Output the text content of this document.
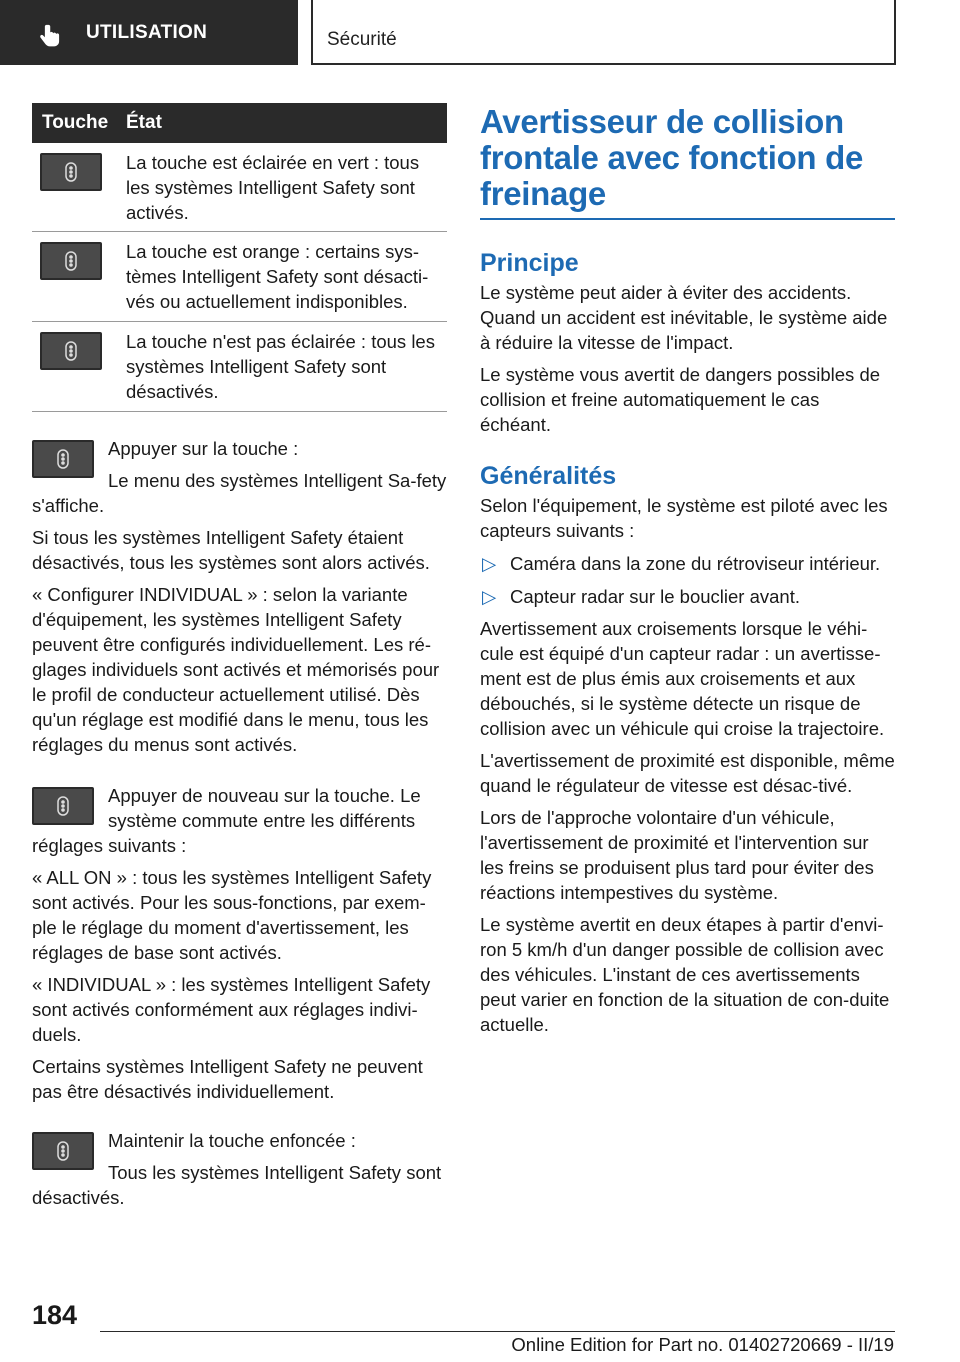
UTILISATION	Sécurité
Touche État
La touche est éclairée en vert : tous les systèmes Intelligent Safety sont activés.
La touche est orange : certains sys-tèmes Intelligent Safety sont désacti-vés ou actuellement indisponibles.
La touche n'est pas éclairée : tous les systèmes Intelligent Safety sont désactivés.

Appuyer sur la touche :

Le menu des systèmes Intelligent Sa-fety s'affiche.

Si tous les systèmes Intelligent Safety étaient désactivés, tous les systèmes sont alors activés.

« Configurer INDIVIDUAL » : selon la variante d'équipement, les systèmes Intelligent Safety peuvent être configurés individuellement. Les ré-glages individuels sont activés et mémorisés pour le profil de conducteur actuellement utilisé. Dès qu'un réglage est modifié dans le menu, tous les réglages du menus sont activés.

Appuyer de nouveau sur la touche. Le système commute entre les différents réglages suivants :

« ALL ON » : tous les systèmes Intelligent Safety sont activés. Pour les sous-fonctions, par exem-ple le réglage du moment d'avertissement, les réglages de base sont activés.

« INDIVIDUAL » : les systèmes Intelligent Safety sont activés conformément aux réglages indivi-duels.

Certains systèmes Intelligent Safety ne peuvent pas être désactivés individuellement.

Maintenir la touche enfoncée :

Tous les systèmes Intelligent Safety sont désactivés.

Avertisseur de collision frontale avec fonction de freinage
Principe

Le système peut aider à éviter des accidents. Quand un accident est inévitable, le système aide à réduire la vitesse de l'impact.

Le système vous avertit de dangers possibles de collision et freine automatiquement le cas échéant.

Généralités

Selon l'équipement, le système est piloté avec les capteurs suivants :

▷ Caméra dans la zone du rétroviseur intérieur.
▷ Capteur radar sur le bouclier avant.

Avertissement aux croisements lorsque le véhi-cule est équipé d'un capteur radar : un avertisse-ment est de plus émis aux croisements et aux débouchés, si le système détecte un risque de collision avec un véhicule qui croise la trajectoire.

L'avertissement de proximité est disponible, même quand le régulateur de vitesse est désac-tivé.

Lors de l'approche volontaire d'un véhicule, l'avertissement de proximité et l'intervention sur les freins se produisent plus tard pour éviter des réactions intempestives du système.

Le système avertit en deux étapes à partir d'envi-ron 5 km/h d'un danger possible de collision avec des véhicules. L'instant de ces avertissements peut varier en fonction de la situation de con-duite actuelle.

184
Online Edition for Part no. 01402720669 - II/19
